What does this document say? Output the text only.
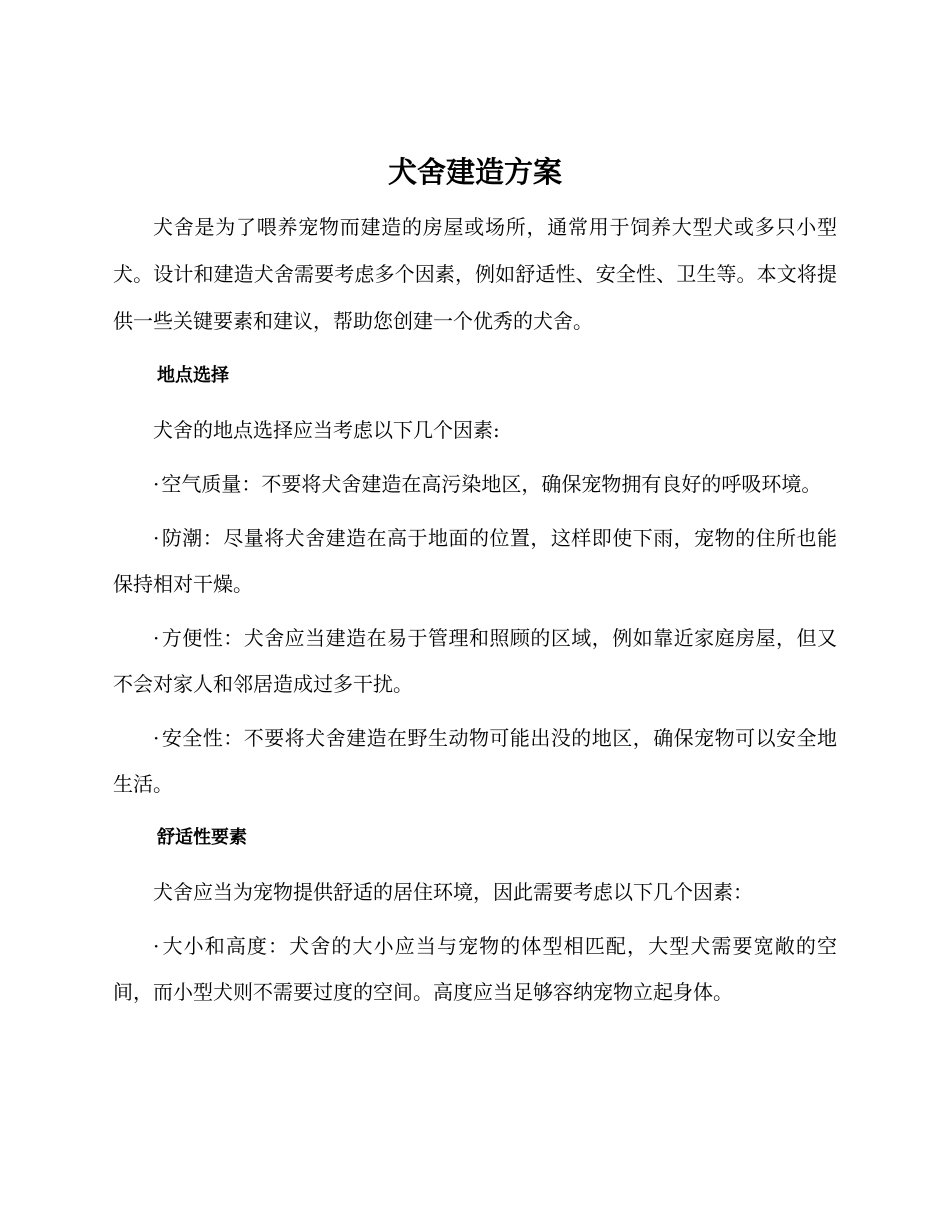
犬舍建造方案

犬舍是为了喂养宠物而建造的房屋或场所，通常用于饲养大型犬或多只小型犬。设计和建造犬舍需要考虑多个因素，例如舒适性、安全性、卫生等。本文将提供一些关键要素和建议，帮助您创建一个优秀的犬舍。

地点选择

犬舍的地点选择应当考虑以下几个因素:

· 空气质量：不要将犬舍建造在高污染地区，确保宠物拥有良好的呼吸环境。

· 防潮：尽量将犬舍建造在高于地面的位置，这样即使下雨，宠物的住所也能保持相对干燥。

· 方便性：犬舍应当建造在易于管理和照顾的区域，例如靠近家庭房屋，但又不会对家人和邻居造成过多干扰。

· 安全性：不要将犬舍建造在野生动物可能出没的地区，确保宠物可以安全地生活。

舒适性要素

犬舍应当为宠物提供舒适的居住环境，因此需要考虑以下几个因素：

· 大小和高度：犬舍的大小应当与宠物的体型相匹配，大型犬需要宽敞的空间，而小型犬则不需要过度的空间。高度应当足够容纳宠物立起身体。
